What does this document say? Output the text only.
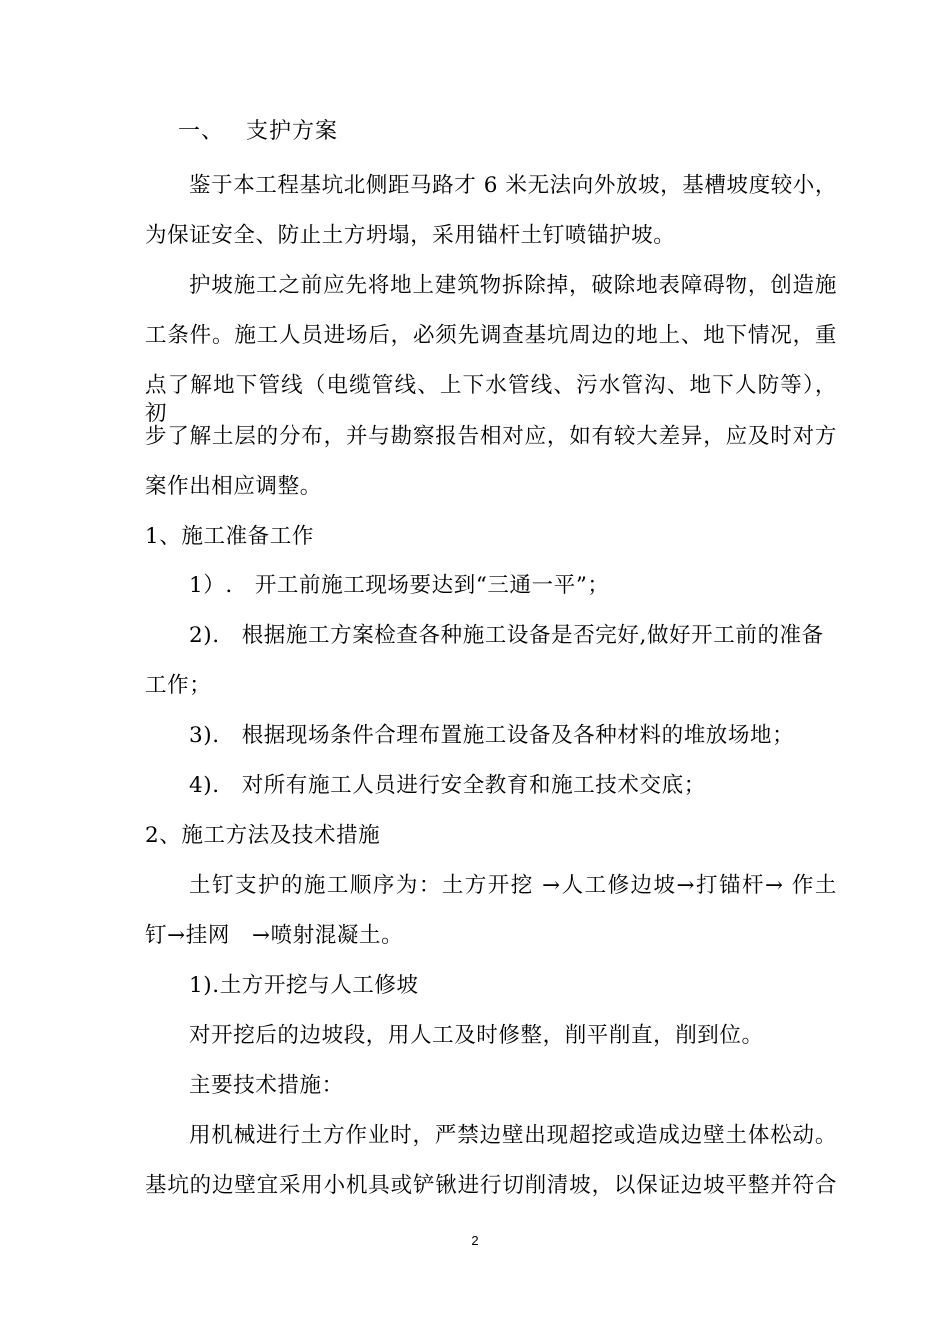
一、 支护方案
鉴于本工程基坑北侧距马路才 6 米无法向外放坡，基槽坡度较小，
为保证安全、防止土方坍塌，采用锚杆土钉喷锚护坡。
护坡施工之前应先将地上建筑物拆除掉，破除地表障碍物，创造施
工条件。施工人员进场后，必须先调查基坑周边的地上、地下情况，重
点了解地下管线（电缆管线、上下水管线、污水管沟、地下人防等），初
步了解土层的分布，并与勘察报告相对应，如有较大差异，应及时对方
案作出相应调整。
1、施工准备工作
1）. 开工前施工现场要达到“三通一平”；
2). 根据施工方案检查各种施工设备是否完好,做好开工前的准备
工作；
3). 根据现场条件合理布置施工设备及各种材料的堆放场地；
4). 对所有施工人员进行安全教育和施工技术交底；
2、施工方法及技术措施
土钉支护的施工顺序为：土方开挖 →人工修边坡→打锚杆→ 作土
钉→挂网　→喷射混凝土。
1).土方开挖与人工修坡
对开挖后的边坡段，用人工及时修整，削平削直，削到位。
主要技术措施：
用机械进行土方作业时，严禁边壁出现超挖或造成边壁土体松动。
基坑的边壁宜采用小机具或铲锹进行切削清坡，以保证边坡平整并符合
2
